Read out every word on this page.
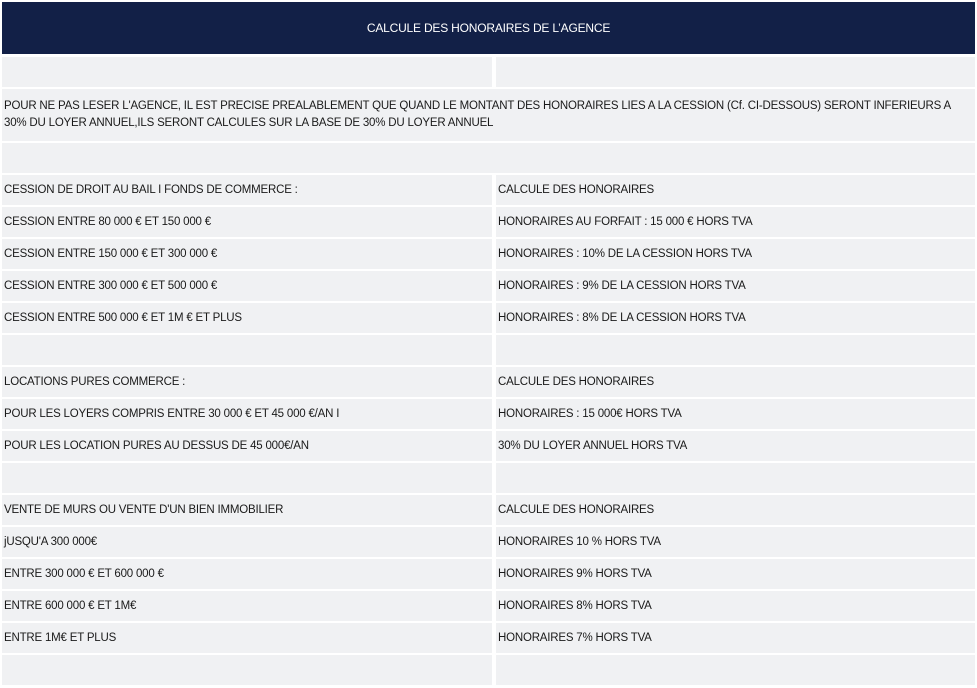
CALCULE DES HONORAIRES DE L’AGENCE
POUR NE PAS LESER L'AGENCE, IL EST PRECISE PREALABLEMENT QUE QUAND LE MONTANT DES HONORAIRES LIES A LA CESSION (Cf. CI-DESSOUS) SERONT INFERIEURS A 30% DU LOYER ANNUEL,ILS SERONT CALCULES SUR LA BASE DE 30% DU LOYER ANNUEL
CESSION DE DROIT AU BAIL I FONDS DE COMMERCE :	CALCULE DES HONORAIRES
CESSION ENTRE 80 000 € ET 150 000 €	HONORAIRES AU FORFAIT : 15 000 € HORS TVA
CESSION ENTRE 150 000 € ET 300 000 €	HONORAIRES : 10% DE LA CESSION HORS TVA
CESSION ENTRE 300 000 € ET 500 000 €	HONORAIRES : 9% DE LA CESSION HORS TVA
CESSION ENTRE 500 000 € ET 1M € ET PLUS	HONORAIRES : 8% DE LA CESSION HORS TVA
LOCATIONS PURES COMMERCE :	CALCULE DES HONORAIRES
POUR LES LOYERS COMPRIS ENTRE 30 000 € ET 45 000 €/AN I	HONORAIRES : 15 000€ HORS TVA
POUR LES LOCATION PURES AU DESSUS DE 45 000€/AN	30% DU LOYER ANNUEL HORS TVA
VENTE DE MURS OU VENTE D'UN BIEN IMMOBILIER	CALCULE DES HONORAIRES
jUSQU'A 300 000€	HONORAIRES 10 % HORS TVA
ENTRE 300 000 € ET 600 000 €	HONORAIRES 9% HORS TVA
ENTRE 600 000 € ET 1M€	HONORAIRES 8% HORS TVA
ENTRE 1M€ ET PLUS	HONORAIRES 7% HORS TVA
